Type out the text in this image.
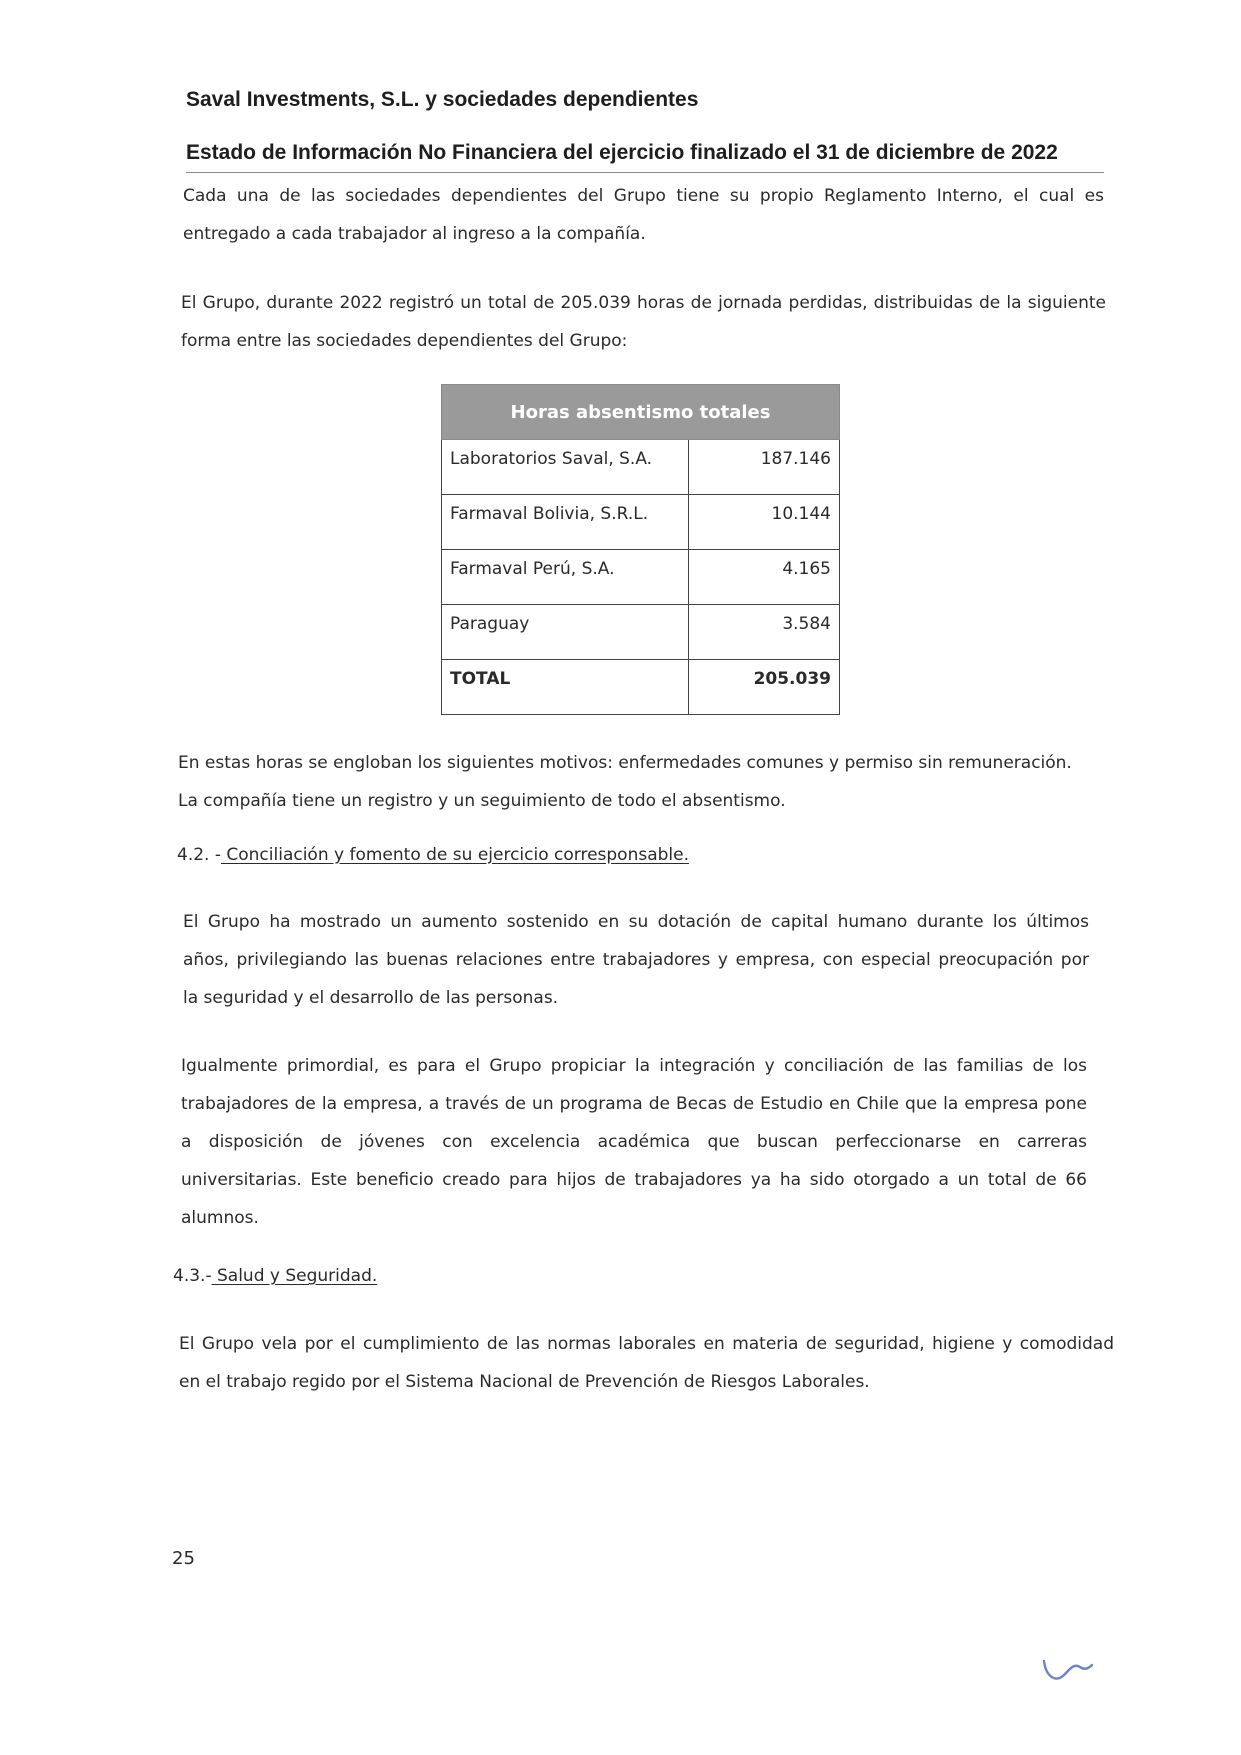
Saval Investments, S.L. y sociedades dependientes
Estado de Información No Financiera del ejercicio finalizado el 31 de diciembre de 2022
Cada una de las sociedades dependientes del Grupo tiene su propio Reglamento Interno, el cual es
entregado a cada trabajador al ingreso a la compañía.
El Grupo, durante 2022 registró un total de 205.039 horas de jornada perdidas, distribuidas de la siguiente
forma entre las sociedades dependientes del Grupo:
Horas absentismo totales	
Laboratorios Saval, S.A.	187.146
Farmaval Bolivia, S.R.L.	10.144
Farmaval Perú, S.A.	4.165
Paraguay	3.584
TOTAL	205.039
En estas horas se engloban los siguientes motivos: enfermedades comunes y permiso sin remuneración.
La compañía tiene un registro y un seguimiento de todo el absentismo.

4.2. - Conciliación y fomento de su ejercicio corresponsable.

El Grupo ha mostrado un aumento sostenido en su dotación de capital humano durante los últimos
años, privilegiando las buenas relaciones entre trabajadores y empresa, con especial preocupación por
la seguridad y el desarrollo de las personas.
Igualmente primordial, es para el Grupo propiciar la integración y conciliación de las familias de los
trabajadores de la empresa, a través de un programa de Becas de Estudio en Chile que la empresa pone
a disposición de jóvenes con excelencia académica que buscan perfeccionarse en carreras
universitarias. Este beneficio creado para hijos de trabajadores ya ha sido otorgado a un total de 66
alumnos.

4.3.- Salud y Seguridad.

El Grupo vela por el cumplimiento de las normas laborales en materia de seguridad, higiene y comodidad
en el trabajo regido por el Sistema Nacional de Prevención de Riesgos Laborales.

25
